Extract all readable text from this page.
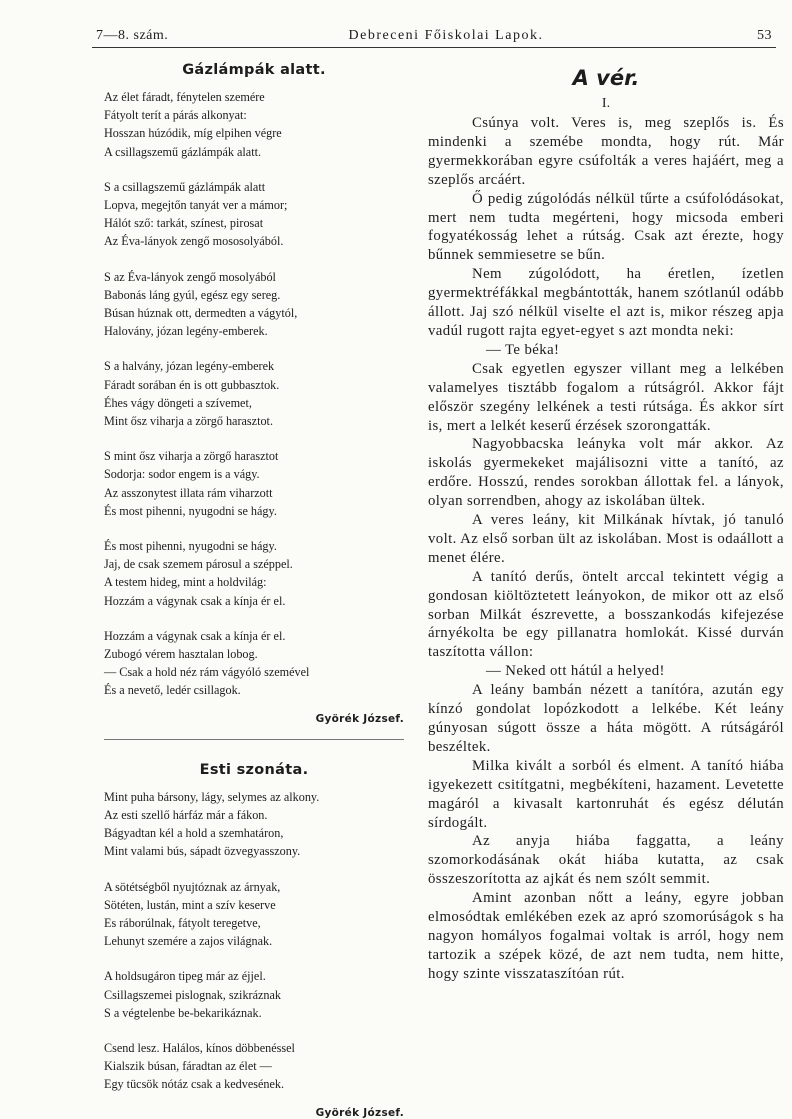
7—8. szám.	Debreceni Főiskolai Lapok.	53
Gázlámpák alatt.
Az élet fáradt, fénytelen szemére
Fátyolt terít a párás alkonyat:
Hosszan húzódik, míg elpihen végre
A csillagszemű gázlámpák alatt.
S a csillagszemű gázlámpák alatt
Lopva, megejtőn tanyát ver a mámor;
Hálót sző: tarkát, színest, pirosat
Az Éva-lányok zengő mososolyából.
S az Éva-lányok zengő mosolyából
Babonás láng gyúl, egész egy sereg.
Búsan húznak ott, dermedten a vágytól,
Halovány, józan legény-emberek.
S a halvány, józan legény-emberek
Fáradt sorában én is ott gubbasztok.
Éhes vágy döngeti a szívemet,
Mint ősz viharja a zörgő harasztot.
S mint ősz viharja a zörgő harasztot
Sodorja: sodor engem is a vágy.
Az asszonytest illata rám viharzott
És most pihenni, nyugodni se hágy.
És most pihenni, nyugodni se hágy.
Jaj, de csak szemem párosul a széppel.
A testem hideg, mint a holdvilág:
Hozzám a vágynak csak a kínja ér el.
Hozzám a vágynak csak a kínja ér el.
Zubogó vérem hasztalan lobog.
— Csak a hold néz rám vágyóló szemével
És a nevető, ledér csillagok.
Györék József.
Esti szonáta.
Mint puha bársony, lágy, selymes az alkony.
Az esti szellő hárfáz már a fákon.
Bágyadtan kél a hold a szemhatáron,
Mint valami bús, sápadt özvegyasszony.
A sötétségből nyujtóznak az árnyak,
Sötéten, lustán, mint a szív keserve
Es ráborúlnak, fátyolt teregetve,
Lehunyt szemére a zajos világnak.
A holdsugáron tipeg már az éjjel.
Csillagszemei pislognak, szikráznak
S a végtelenbe be-bekarikáznak.
Csend lesz. Halálos, kínos döbbenéssel
Kialszik búsan, fáradtan az élet —
Egy tücsök nótáz csak a kedvesének.
Györék József.
A vér.
I.

Csúnya volt. Veres is, meg szeplős is. És mindenki a szemébe mondta, hogy rút. Már gyermekkorában egyre csúfolták a veres hajáért, meg a szeplős arcáért.

Ő pedig zúgolódás nélkül tűrte a csúfolódásokat, mert nem tudta megérteni, hogy micsoda emberi fogyatékosság lehet a rútság. Csak azt érezte, hogy bűnnek semmiesetre se bűn.

Nem zúgolódott, ha éretlen, ízetlen gyermektréfákkal megbántották, hanem szótlanúl odább állott. Jaj szó nélkül viselte el azt is, mikor részeg apja vadúl rugott rajta egyet-egyet s azt mondta neki:

— Te béka!

Csak egyetlen egyszer villant meg a lelkében valamelyes tisztább fogalom a rútságról. Akkor fájt először szegény lelkének a testi rútsága. És akkor sírt is, mert a lelkét keserű érzések szorongatták.

Nagyobbacska leányka volt már akkor. Az iskolás gyermekeket majálisozni vitte a tanító, az erdőre. Hosszú, rendes sorokban állottak fel. a lányok, olyan sorrendben, ahogy az iskolában ültek.

A veres leány, kit Milkának hívtak, jó tanuló volt. Az első sorban ült az iskolában. Most is odaállott a menet élére.

A tanító derűs, öntelt arccal tekintett végig a gondosan kiöltöztetett leányokon, de mikor ott az első sorban Milkát észrevette, a bosszankodás kifejezése árnyékolta be egy pillanatra homlokát. Kissé durván taszította vállon:

— Neked ott hátúl a helyed!

A leány bambán nézett a tanítóra, azután egy kínzó gondolat lopózkodott a lelkébe. Két leány gúnyosan súgott össze a háta mögött. A rútságáról beszéltek.

Milka kivált a sorból és elment. A tanító hiába igyekezett csitítgatni, megbékíteni, hazament. Levetette magáról a kivasalt kartonruhát és egész délután sírdogált.

Az anyja hiába faggatta, a leány szomorkodásának okát hiába kutatta, az csak összeszorította az ajkát és nem szólt semmit.

Amint azonban nőtt a leány, egyre jobban elmosódtak emlékében ezek az apró szomorúságok s ha nagyon homályos fogalmai voltak is arról, hogy nem tartozik a szépek közé, de azt nem tudta, nem hitte, hogy szinte visszataszítóan rút.
